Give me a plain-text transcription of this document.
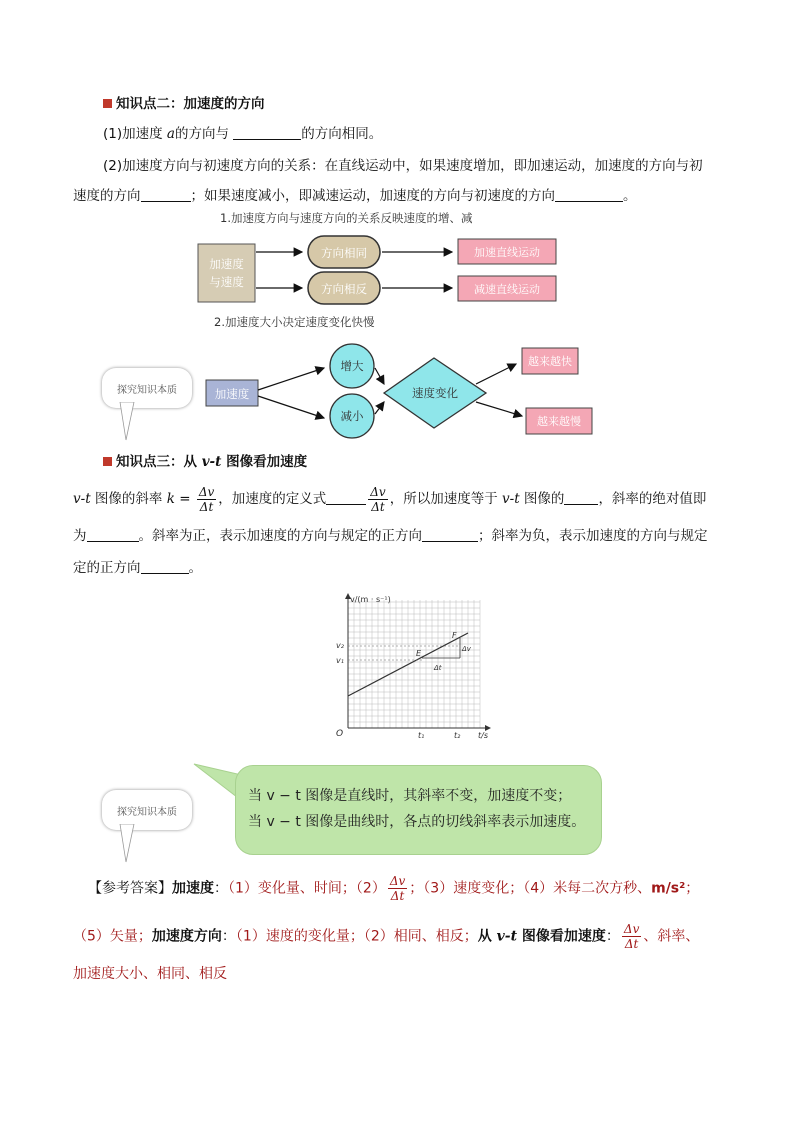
知识点二：加速度的方向
(1)加速度 a的方向与	的方向相同。
(2)加速度方向与初速度方向的关系：在直线运动中，如果速度增加，即加速运动，加速度的方向与初
速度的方向	；如果速度减小，即减速运动，加速度的方向与初速度的方向	。
1.加速度方向与速度方向的关系反映速度的增、减
加速度
与速度
方向相同
方向相反
加速直线运动
减速直线运动
2.加速度大小决定速度变化快慢
探究知识本质	加速度
增大
减小
速度变化
越来越快
越来越慢
知识点三：从 v-t 图像看加速度
v-t 图像的斜率 $k = \frac{\Delta v}{\Delta t}$ ，加速度的定义式	$\frac{\Delta v}{\Delta t}$ ，所以加速度等于 v-t 图像的	，斜率的绝对值即
为	。斜率为正，表示加速度的方向与规定的正方向	；斜率为负，表示加速度的方向与规定
定的正方向	。
v/(m · s⁻¹)
t/s
O
v₂
v₁
t₁	t₂
E
F
Δv
Δt
当 v − t 图像是直线时，其斜率不变，加速度不变；
当 v − t 图像是曲线时，各点的切线斜率表示加速度。
探究知识本质
【参考答案】加速度：（1）变化量、时间；$(2) \frac{\Delta v}{\Delta t}$ ；（3）速度变化；（4）米每二次方秒、m/s²；
（5）矢量；加速度方向：（1）速度的变化量；（2）相同、相反；从 v-t 图像看加速度： $\frac{\Delta v}{\Delta t}$ 、斜率、
加速度大小、相同、相反
